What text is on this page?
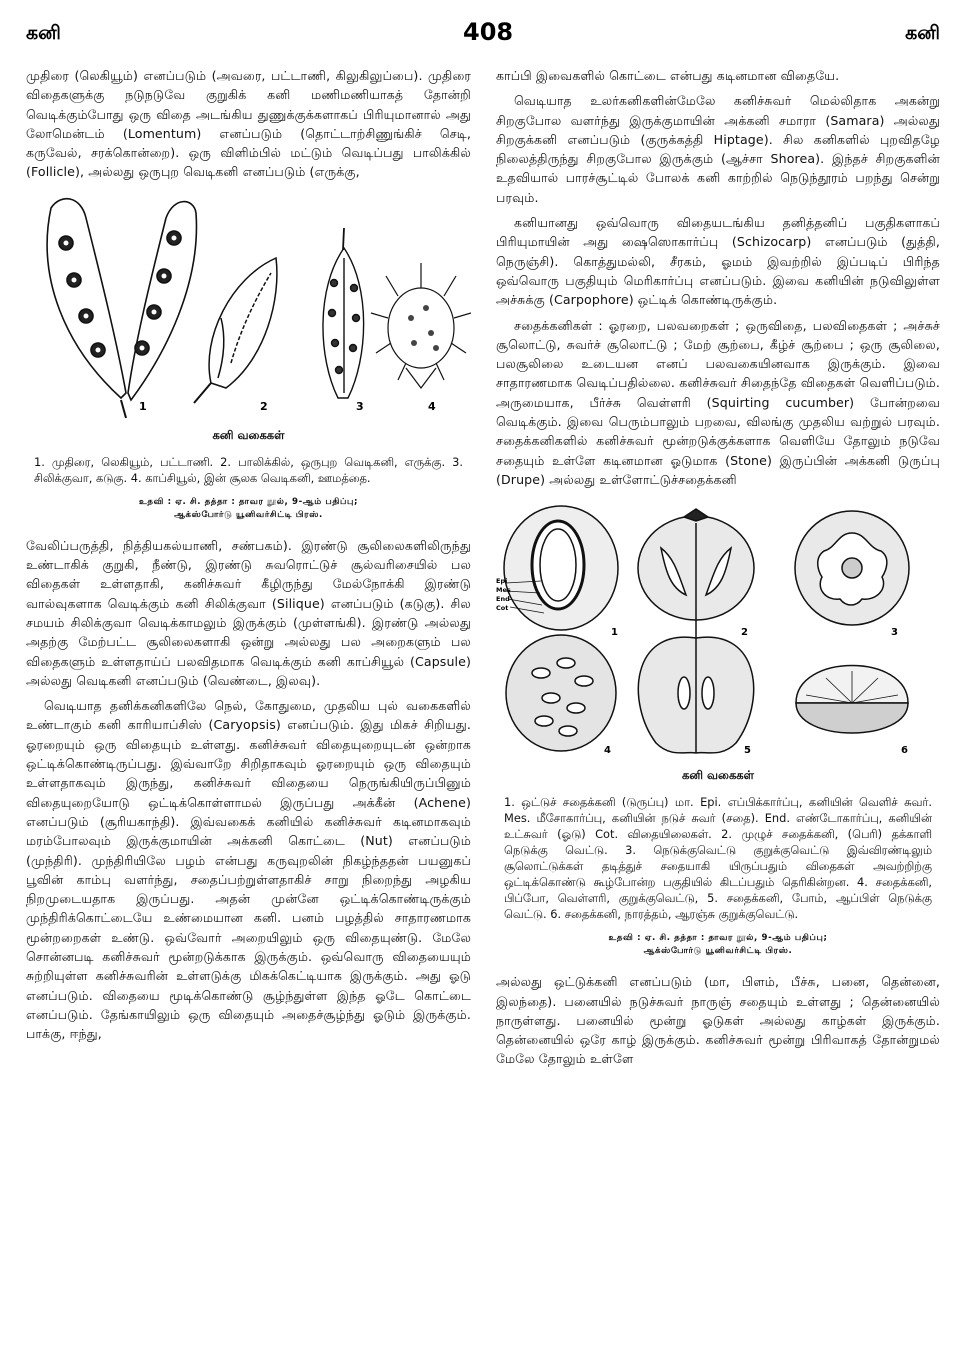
கனி	408	கனி

முதிரை (லெகியூம்) எனப்படும் (அவரை, பட்டாணி, கிலுகிலுப்பை). முதிரை விதைகளுக்கு நடுநடுவே குறுகிக் கனி மணிமணியாகத் தோன்றி வெடிக்கும்போது ஒரு விதை அடங்கிய துணுக்குக்களாகப் பிரியுமானால் அது லோமென்டம் (Lomentum) எனப்படும் (தொட்டாற்சிணுங்கிச் செடி, கருவேல், சரக்கொன்றை). ஒரு விளிம்பில் மட்டும் வெடிப்பது பாலிக்கில் (Follicle), அல்லது ஒருபுற வெடிகனி எனப்படும் (எருக்கு,

1	2	3	4
கனி வகைகள்
1. முதிரை, லெகியூம், பட்டாணி. 2. பாலிக்கில், ஒருபுற வெடிகனி, எருக்கு. 3. சிலிக்குவா, கடுகு. 4. காப்சியூல், இன் சூலக வெடிகனி, ஊமத்தை.
உதவி : ஏ. சி. தத்தா : தாவர நூல், 9-ஆம் பதிப்பு;
ஆக்ஸ்போர்டு யூனிவர்சிட்டி பிரஸ்.

வேலிப்பருத்தி, நித்தியகல்யாணி, சண்பகம்). இரண்டு சூலிலைகளிலிருந்து உண்டாகிக் குறுகி, நீண்டு, இரண்டு சுவரொட்டுச் சூல்வரிசையில் பல விதைகள் உள்ளதாகி, கனிச்சுவர் கீழிருந்து மேல்நோக்கி இரண்டு வால்வுகளாக வெடிக்கும் கனி சிலிக்குவா (Silique) எனப்படும் (கடுகு). சில சமயம் சிலிக்குவா வெடிக்காமலும் இருக்கும் (முள்ளங்கி). இரண்டு அல்லது அதற்கு மேற்பட்ட சூலிலைகளாகி ஒன்று அல்லது பல அறைகளும் பல விதைகளும் உள்ளதாய்ப் பலவிதமாக வெடிக்கும் கனி காப்சியூல் (Capsule) அல்லது வெடிகனி எனப்படும் (வெண்டை, இலவு).

வெடியாத தனிக்கனிகளிலே நெல், கோதுமை, முதலிய புல் வகைகளில் உண்டாகும் கனி காரியாப்சிஸ் (Caryopsis) எனப்படும். இது மிகச் சிறியது. ஓரறையும் ஒரு விதையும் உள்ளது. கனிச்சுவர் விதையுறையுடன் ஒன்றாக ஒட்டிக்கொண்டிருப்பது. இவ்வாறே சிறிதாகவும் ஓரறையும் ஒரு விதையும் உள்ளதாகவும் இருந்து, கனிச்சுவர் விதையை நெருங்கியிருப்பினும் விதையுறையோடு ஒட்டிக்கொள்ளாமல் இருப்பது அக்கீன் (Achene) எனப்படும் (சூரியகாந்தி). இவ்வகைக் கனியில் கனிச்சுவர் கடினமாகவும் மரம்போலவும் இருக்குமாயின் அக்கனி கொட்டை (Nut) எனப்படும் (முந்திரி). முந்திரியிலே பழம் என்பது கருவுறலின் நிகழ்ந்ததன் பயனுகப் பூவின் காம்பு வளர்ந்து, சதைப்பற்றுள்ளதாகிச் சாறு நிறைந்து அழகிய நிறமுடையதாக இருப்பது. அதன் முன்னே ஒட்டிக்கொண்டிருக்கும் முந்திரிக்கொட்டையே உண்மையான கனி. பனம் பழத்தில் சாதாரணமாக மூன்றறைகள் உண்டு. ஒவ்வோர் அறையிலும் ஒரு விதையுண்டு. மேலே சொன்னபடி கனிச்சுவர் மூன்றடுக்காக இருக்கும். ஒவ்வொரு விதையையும் சுற்றியுள்ள கனிச்சுவரின் உள்ளடுக்கு மிகக்கெட்டியாக இருக்கும். அது ஓடு எனப்படும். விதையை மூடிக்கொண்டு சூழ்ந்துள்ள இந்த ஓடே கொட்டை எனப்படும். தேங்காயிலும் ஒரு விதையும் அதைச்சூழ்ந்து ஓடும் இருக்கும். பாக்கு, ஈந்து,

காப்பி இவைகளில் கொட்டை என்பது கடினமான விதையே.

வெடியாத உலர்கனிகளின்மேலே கனிச்சுவர் மெல்லிதாக அகன்று சிறகுபோல வளர்ந்து இருக்குமாயின் அக்கனி சமாரா (Samara) அல்லது சிறகுக்கனி எனப்படும் (குருக்கத்தி Hiptage). சில கனிகளில் புறவிதழே நிலைத்திருந்து சிறகுபோல இருக்கும் (ஆச்சா Shorea). இந்தச் சிறகுகளின் உதவியால் பாரச்சூட்டில் போலக் கனி காற்றில் நெடுந்தூரம் பறந்து சென்று பரவும்.

கனியானது ஒவ்வொரு விதையடங்கிய தனித்தனிப் பகுதிகளாகப் பிரியுமாயின் அது ஷைஸொகார்ப்பு (Schizocarp) எனப்படும் (துத்தி, நெருஞ்சி). கொத்துமல்லி, சீரகம், ஓமம் இவற்றில் இப்படிப் பிரிந்த ஒவ்வொரு பகுதியும் மெரிகார்ப்பு எனப்படும். இவை கனியின் நடுவிலுள்ள அச்சுக்கு (Carpophore) ஒட்டிக் கொண்டிருக்கும்.

சதைக்கனிகள் : ஓரறை, பலவறைகள் ; ஒருவிதை, பலவிதைகள் ; அச்சுச் சூலொட்டு, சுவர்ச் சூலொட்டு ; மேற் சூற்பை, கீழ்ச் சூற்பை ; ஒரு சூலிலை, பலசூலிலை உடையன எனப் பலவகையினவாக இருக்கும். இவை சாதாரணமாக வெடிப்பதில்லை. கனிச்சுவர் சிதைந்தே விதைகள் வெளிப்படும். அருமையாக, பீர்ச்சு வெள்ளரி (Squirting cucumber) போன்றவை வெடிக்கும். இவை பெரும்பாலும் பறவை, விலங்கு முதலிய வற்றுல் பரவும். சதைக்கனிகளில் கனிச்சுவர் மூன்றடுக்குக்களாக வெளியே தோலும் நடுவே சதையும் உள்ளே கடினமான ஓடுமாக (Stone) இருப்பின் அக்கனி டுருப்பு (Drupe) அல்லது உள்ளோட்டுச்சதைக்கனி

Epi
Mes
End
Cot
1	2	3
4	5	6
கனி வகைகள்
1. ஒட்டுச் சதைக்கனி (டுருப்பு) மா. Epi. எப்பிக்கார்ப்பு, கனியின் வெளிச் சுவர். Mes. மீசோகார்ப்பு, கனியின் நடுச் சுவர் (சதை). End. எண்டோகார்ப்பு, கனியின் உட்சுவர் (ஓடு) Cot. விதையிலைகள். 2. முழுச் சதைக்கனி, (பெரி) தக்காளி நெடுக்கு வெட்டு. 3. நெடுக்குவெட்டு குறுக்குவெட்டு இவ்விரண்டிலும் சூலொட்டுக்கள் தடித்துச் சதையாகி யிருப்பதும் விதைகள் அவற்றிற்கு ஒட்டிக்கொண்டு கூழ்போன்ற பகுதியில் கிடப்பதும் தெரிகின்றன. 4. சதைக்கனி, பிப்போ, வெள்ளரி, குறுக்குவெட்டு, 5. சதைக்கனி, போம், ஆப்பிள் நெடுக்கு வெட்டு. 6. சதைக்கனி, நாரத்தம், ஆரஞ்சு குறுக்குவெட்டு.
உதவி : ஏ. சி. தத்தா : தாவர நூல், 9-ஆம் பதிப்பு;
ஆக்ஸ்போர்டு யூனிவர்சிட்டி பிரஸ்.

அல்லது ஒட்டுக்கனி எனப்படும் (மா, பிளம், பீச்சு, பனை, தென்னை, இலந்தை). பனையில் நடுச்சுவர் நாருஞ் சதையும் உள்ளது ; தென்னையில் நாருள்ளது. பனையில் மூன்று ஓடுகள் அல்லது காழ்கள் இருக்கும். தென்னையில் ஒரே காழ் இருக்கும். கனிச்சுவர் மூன்று பிரிவாகத் தோன்றுமல் மேலே தோலும் உள்ளே
